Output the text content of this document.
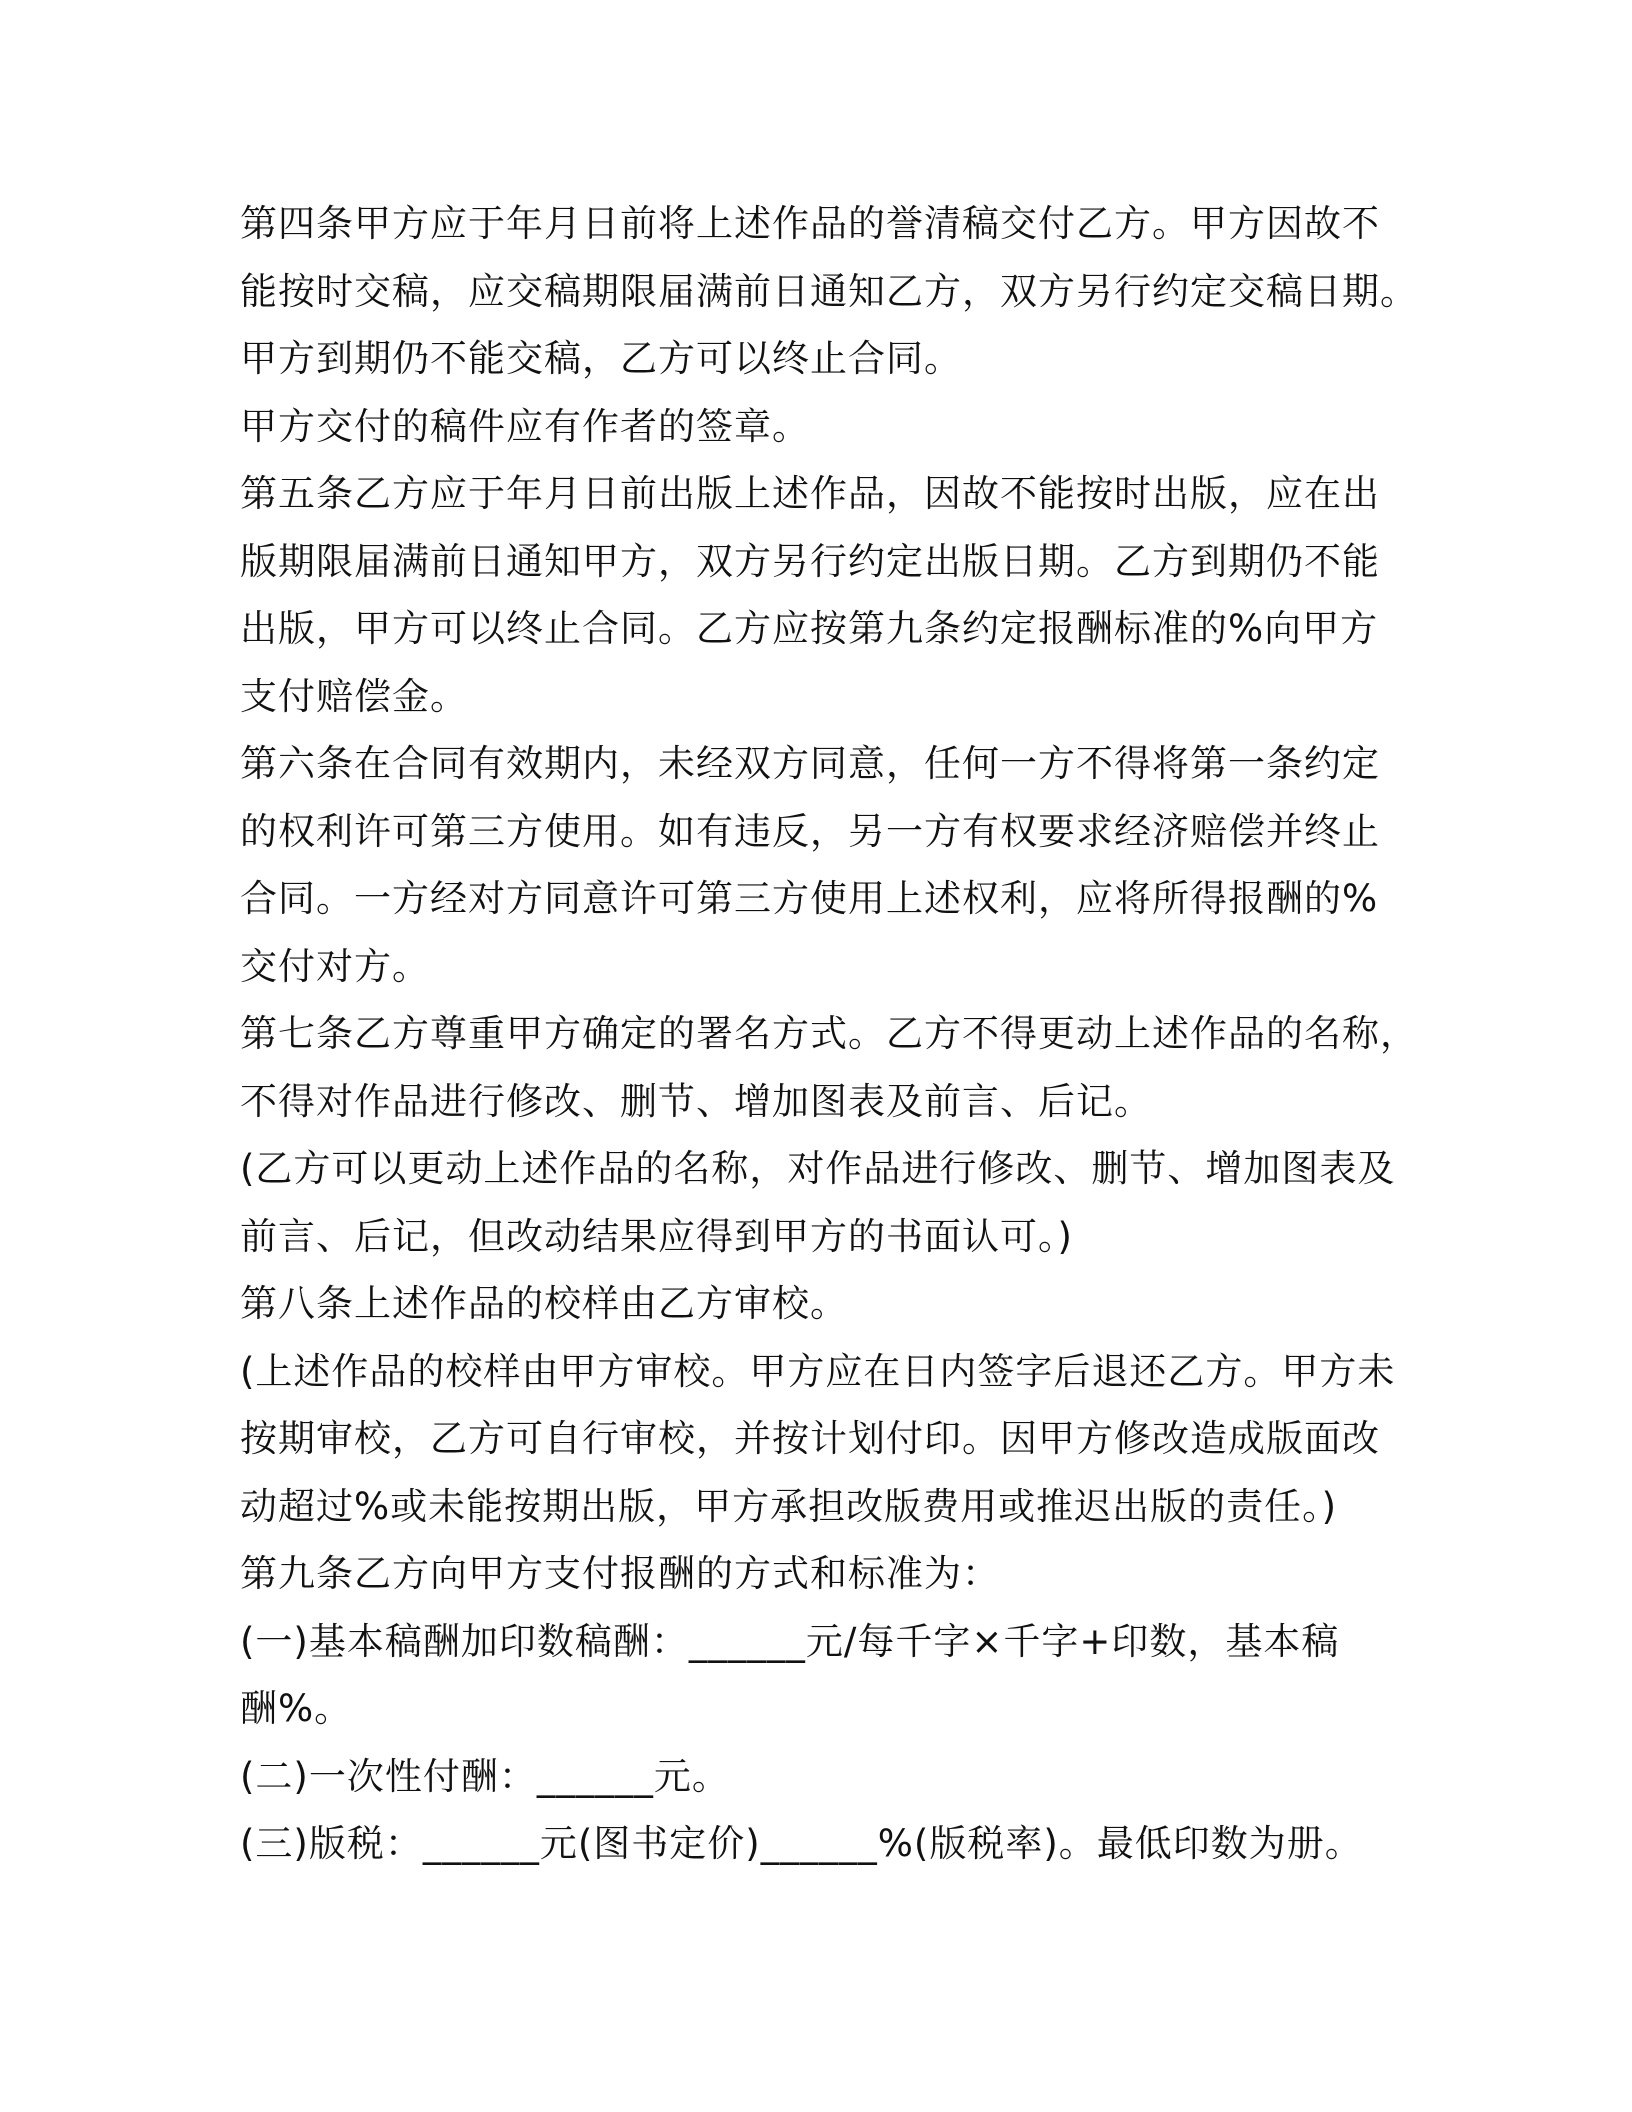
第四条甲方应于年月日前将上述作品的誉清稿交付乙方。甲方因故不
能按时交稿，应交稿期限届满前日通知乙方，双方另行约定交稿日期。
甲方到期仍不能交稿，乙方可以终止合同。

甲方交付的稿件应有作者的签章。

第五条乙方应于年月日前出版上述作品，因故不能按时出版，应在出
版期限届满前日通知甲方，双方另行约定出版日期。乙方到期仍不能
出版，甲方可以终止合同。乙方应按第九条约定报酬标准的%向甲方
支付赔偿金。

第六条在合同有效期内，未经双方同意，任何一方不得将第一条约定
的权利许可第三方使用。如有违反，另一方有权要求经济赔偿并终止
合同。一方经对方同意许可第三方使用上述权利，应将所得报酬的%
交付对方。

第七条乙方尊重甲方确定的署名方式。乙方不得更动上述作品的名称，
不得对作品进行修改、删节、增加图表及前言、后记。

(乙方可以更动上述作品的名称，对作品进行修改、删节、增加图表及
前言、后记，但改动结果应得到甲方的书面认可。)

第八条上述作品的校样由乙方审校。

(上述作品的校样由甲方审校。甲方应在日内签字后退还乙方。甲方未
按期审校，乙方可自行审校，并按计划付印。因甲方修改造成版面改
动超过%或未能按期出版，甲方承担改版费用或推迟出版的责任。)

第九条乙方向甲方支付报酬的方式和标准为：

(一)基本稿酬加印数稿酬：______元/每千字×千字+印数，基本稿
酬%。

(二)一次性付酬：______元。

(三)版税：______元(图书定价)______%(版税率)。最低印数为册。
